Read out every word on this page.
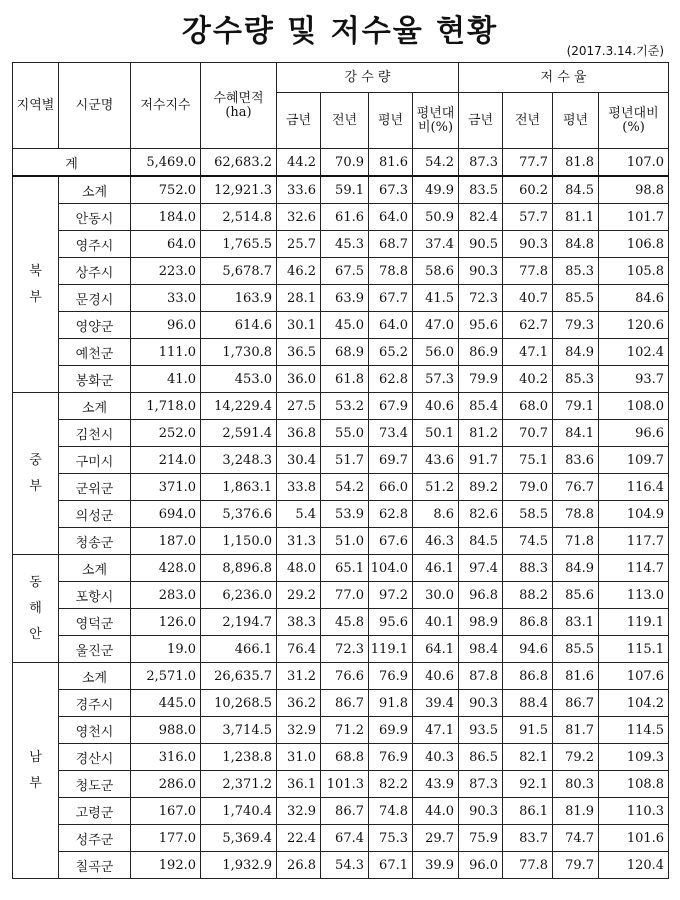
강수량 및 저수율 현황
(2017.3.14.기준)
지역별	시군명	저수지수	수혜면적(ha)	강 수 량				저 수 율			
				금년	전년	평년	평년대비(%)	금년	전년	평년	평년대비(%)
계		5,469.0	62,683.2	44.2	70.9	81.6	54.2	87.3	77.7	81.8	107.0
북부	소계	752.0	12,921.3	33.6	59.1	67.3	49.9	83.5	60.2	84.5	98.8
	안동시	184.0	2,514.8	32.6	61.6	64.0	50.9	82.4	57.7	81.1	101.7
	영주시	64.0	1,765.5	25.7	45.3	68.7	37.4	90.5	90.3	84.8	106.8
	상주시	223.0	5,678.7	46.2	67.5	78.8	58.6	90.3	77.8	85.3	105.8
	문경시	33.0	163.9	28.1	63.9	67.7	41.5	72.3	40.7	85.5	84.6
	영양군	96.0	614.6	30.1	45.0	64.0	47.0	95.6	62.7	79.3	120.6
	예천군	111.0	1,730.8	36.5	68.9	65.2	56.0	86.9	47.1	84.9	102.4
	봉화군	41.0	453.0	36.0	61.8	62.8	57.3	79.9	40.2	85.3	93.7
중부	소계	1,718.0	14,229.4	27.5	53.2	67.9	40.6	85.4	68.0	79.1	108.0
	김천시	252.0	2,591.4	36.8	55.0	73.4	50.1	81.2	70.7	84.1	96.6
	구미시	214.0	3,248.3	30.4	51.7	69.7	43.6	91.7	75.1	83.6	109.7
	군위군	371.0	1,863.1	33.8	54.2	66.0	51.2	89.2	79.0	76.7	116.4
	의성군	694.0	5,376.6	5.4	53.9	62.8	8.6	82.6	58.5	78.8	104.9
	청송군	187.0	1,150.0	31.3	51.0	67.6	46.3	84.5	74.5	71.8	117.7
동해안	소계	428.0	8,896.8	48.0	65.1	104.0	46.1	97.4	88.3	84.9	114.7
	포항시	283.0	6,236.0	29.2	77.0	97.2	30.0	96.8	88.2	85.6	113.0
	영덕군	126.0	2,194.7	38.3	45.8	95.6	40.1	98.9	86.8	83.1	119.1
	울진군	19.0	466.1	76.4	72.3	119.1	64.1	98.4	94.6	85.5	115.1
남부	소계	2,571.0	26,635.7	31.2	76.6	76.9	40.6	87.8	86.8	81.6	107.6
	경주시	445.0	10,268.5	36.2	86.7	91.8	39.4	90.3	88.4	86.7	104.2
	영천시	988.0	3,714.5	32.9	71.2	69.9	47.1	93.5	91.5	81.7	114.5
	경산시	316.0	1,238.8	31.0	68.8	76.9	40.3	86.5	82.1	79.2	109.3
	청도군	286.0	2,371.2	36.1	101.3	82.2	43.9	87.3	92.1	80.3	108.8
	고령군	167.0	1,740.4	32.9	86.7	74.8	44.0	90.3	86.1	81.9	110.3
	성주군	177.0	5,369.4	22.4	67.4	75.3	29.7	75.9	83.7	74.7	101.6
	칠곡군	192.0	1,932.9	26.8	54.3	67.1	39.9	96.0	77.8	79.7	120.4
